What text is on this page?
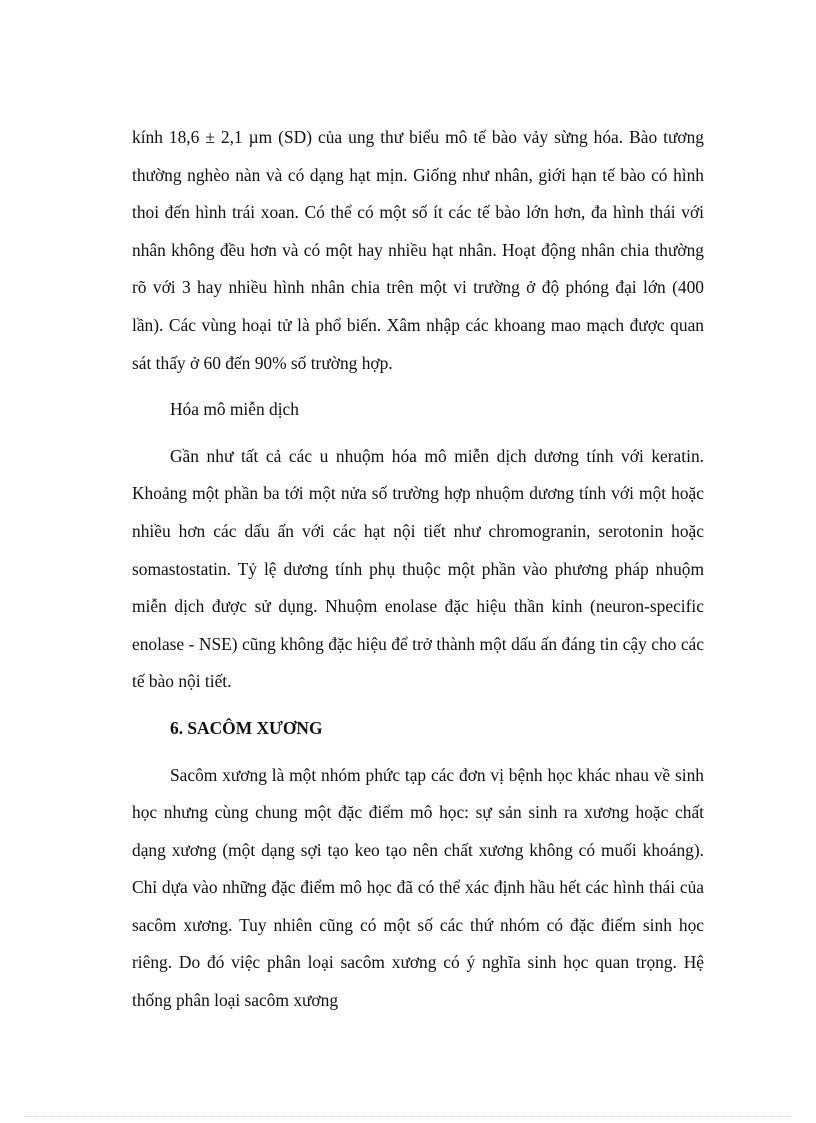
kính 18,6 ± 2,1 µm (SD) của ung thư biểu mô tế bào vảy sừng hóa. Bào tương thường nghèo nàn và có dạng hạt mịn. Giống như nhân, giới hạn tế bào có hình thoi đến hình trái xoan. Có thể có một số ít các tế bào lớn hơn, đa hình thái với nhân không đều hơn và có một hay nhiều hạt nhân. Hoạt động nhân chia thường rõ với 3 hay nhiều hình nhân chia trên một vi trường ở độ phóng đại lớn (400 lần). Các vùng hoại tử là phổ biến. Xâm nhập các khoang mao mạch được quan sát thấy ở 60 đến 90% số trường hợp.

Hóa mô miễn dịch

Gần như tất cả các u nhuộm hóa mô miễn dịch dương tính với keratin. Khoảng một phần ba tới một nửa số trường hợp nhuộm dương tính với một hoặc nhiều hơn các dấu ấn với các hạt nội tiết như chromogranin, serotonin hoặc somastostatin. Tỷ lệ dương tính phụ thuộc một phần vào phương pháp nhuộm miễn dịch được sử dụng. Nhuộm enolase đặc hiệu thần kinh (neuron-specific enolase - NSE) cũng không đặc hiệu để trở thành một dấu ấn đáng tin cậy cho các tế bào nội tiết.

6. SACÔM XƯƠNG

Sacôm xương là một nhóm phức tạp các đơn vị bệnh học khác nhau về sinh học nhưng cùng chung một đặc điểm mô học: sự sản sinh ra xương hoặc chất dạng xương (một dạng sợi tạo keo tạo nên chất xương không có muối khoáng). Chỉ dựa vào những đặc điểm mô học đã có thể xác định hầu hết các hình thái của sacôm xương. Tuy nhiên cũng có một số các thứ nhóm có đặc điểm sinh học riêng. Do đó việc phân loại sacôm xương có ý nghĩa sinh học quan trọng. Hệ thống phân loại sacôm xương
